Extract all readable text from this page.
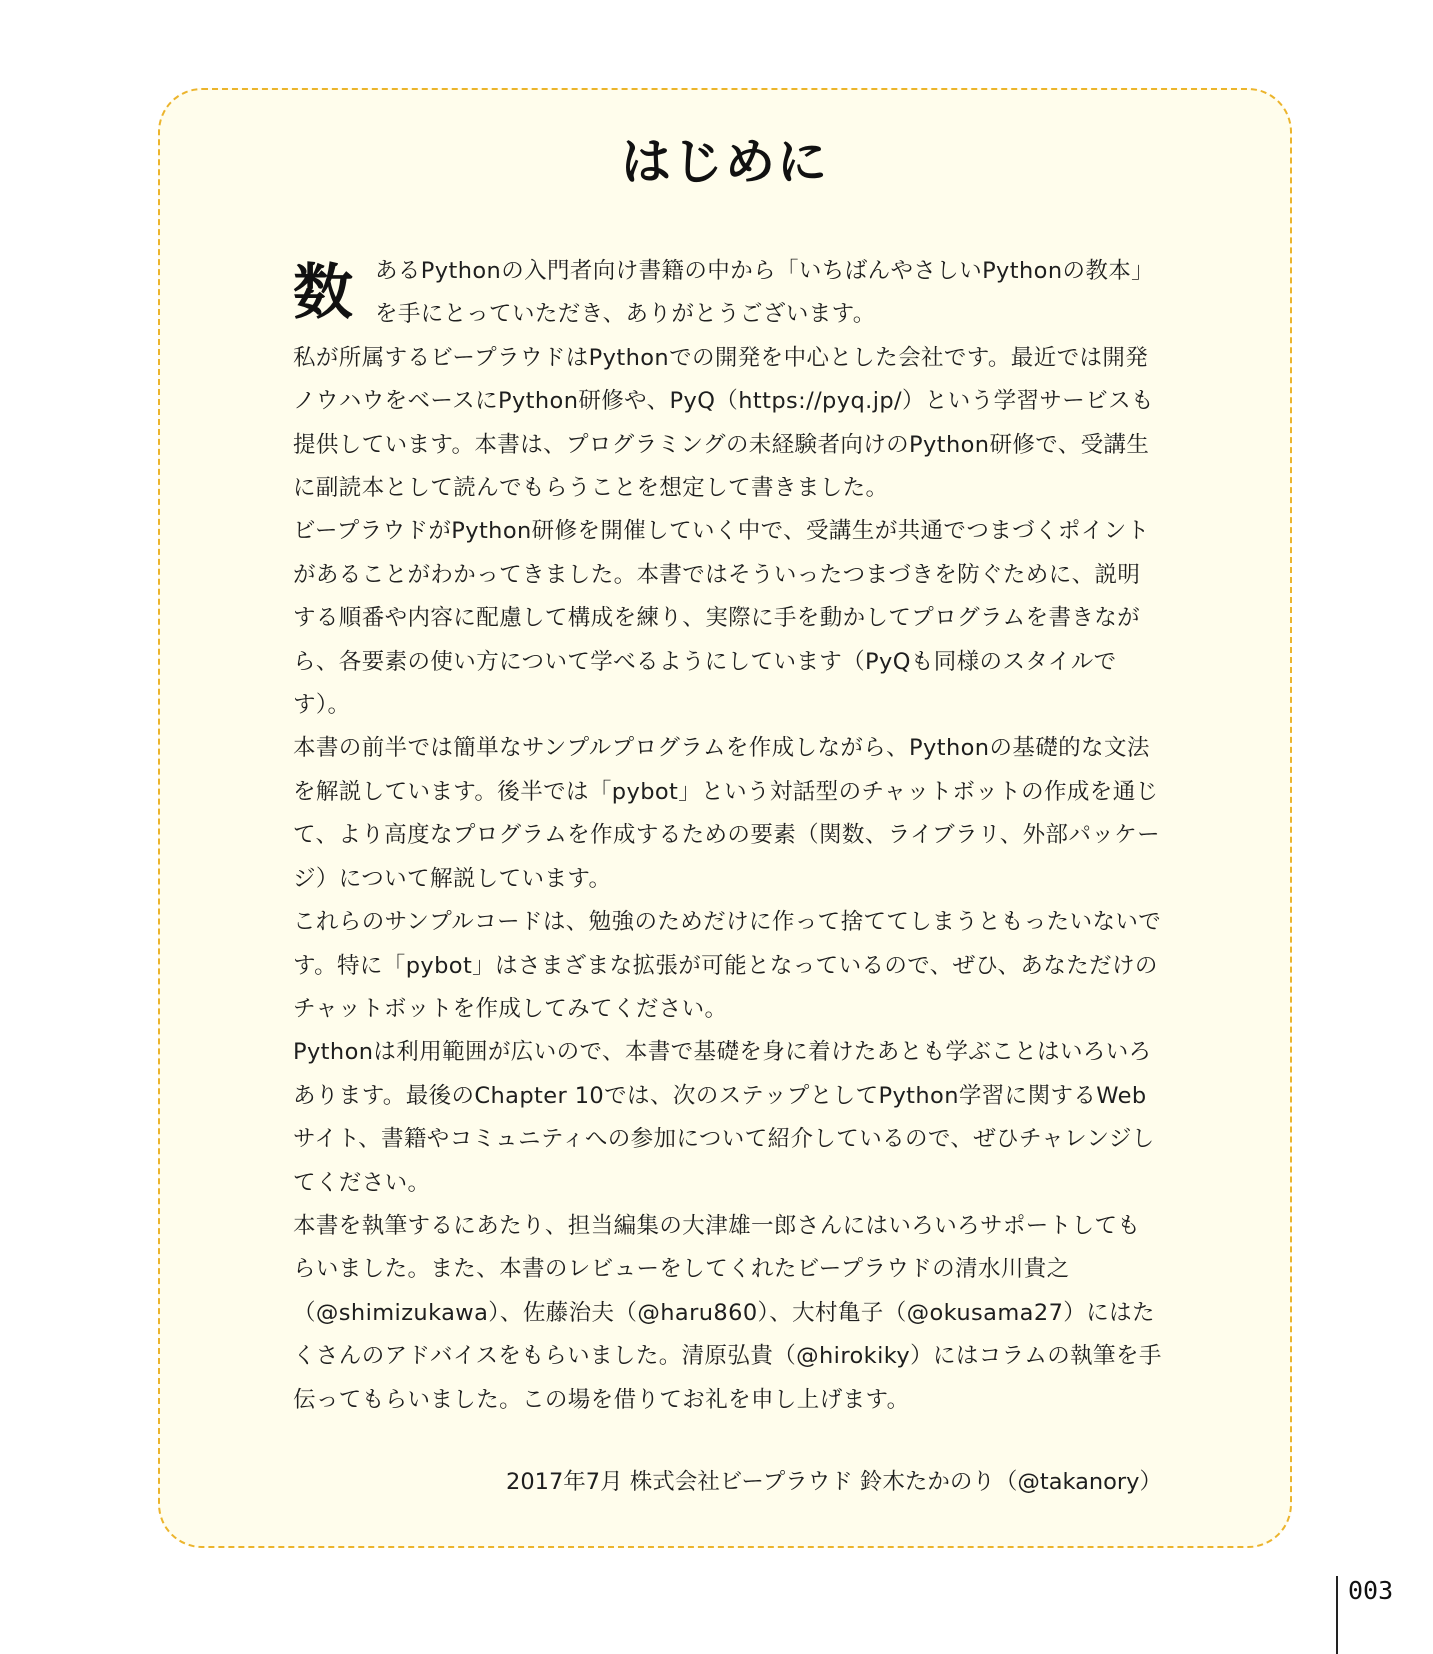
はじめに

数 あるPythonの入門者向け書籍の中から「いちばんやさしいPythonの教本」を手にとっていただき、ありがとうございます。

私が所属するビープラウドはPythonでの開発を中心とした会社です。最近では開発ノウハウをベースにPython研修や、PyQ（https://pyq.jp/）という学習サービスも提供しています。本書は、プログラミングの未経験者向けのPython研修で、受講生に副読本として読んでもらうことを想定して書きました。

ビープラウドがPython研修を開催していく中で、受講生が共通でつまづくポイントがあることがわかってきました。本書ではそういったつまづきを防ぐために、説明する順番や内容に配慮して構成を練り、実際に手を動かしてプログラムを書きながら、各要素の使い方について学べるようにしています（PyQも同様のスタイルです）。

本書の前半では簡単なサンプルプログラムを作成しながら、Pythonの基礎的な文法を解説しています。後半では「pybot」という対話型のチャットボットの作成を通じて、より高度なプログラムを作成するための要素（関数、ライブラリ、外部パッケージ）について解説しています。

これらのサンプルコードは、勉強のためだけに作って捨ててしまうともったいないです。特に「pybot」はさまざまな拡張が可能となっているので、ぜひ、あなただけのチャットボットを作成してみてください。

Pythonは利用範囲が広いので、本書で基礎を身に着けたあとも学ぶことはいろいろあります。最後のChapter 10では、次のステップとしてPython学習に関するWebサイト、書籍やコミュニティへの参加について紹介しているので、ぜひチャレンジしてください。

本書を執筆するにあたり、担当編集の大津雄一郎さんにはいろいろサポートしてもらいました。また、本書のレビューをしてくれたビープラウドの清水川貴之（@shimizukawa）、佐藤治夫（@haru860）、大村亀子（@okusama27）にはたくさんのアドバイスをもらいました。清原弘貴（@hirokiky）にはコラムの執筆を手伝ってもらいました。この場を借りてお礼を申し上げます。

2017年7月 株式会社ビープラウド 鈴木たかのり（@takanory）
003
